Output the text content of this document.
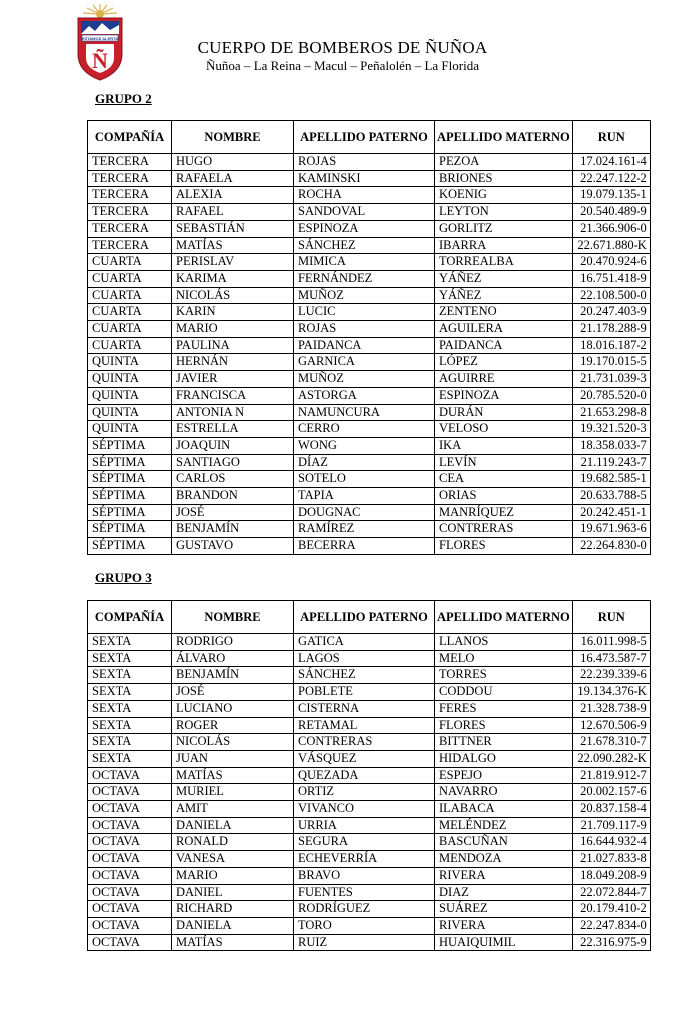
ESTAMOS ALERTA
Ñ
CUERPO DE BOMBEROS DE ÑUÑOA
Ñuñoa – La Reina – Macul – Peñalolén – La Florida
GRUPO 2
COMPAÑÍA	NOMBRE	APELLIDO PATERNO	APELLIDO MATERNO	RUN
TERCERA	HUGO	ROJAS	PEZOA	17.024.161-4
TERCERA	RAFAELA	KAMINSKI	BRIONES	22.247.122-2
TERCERA	ALEXIA	ROCHA	KOENIG	19.079.135-1
TERCERA	RAFAEL	SANDOVAL	LEYTON	20.540.489-9
TERCERA	SEBASTIÁN	ESPINOZA	GORLITZ	21.366.906-0
TERCERA	MATÍAS	SÁNCHEZ	IBARRA	22.671.880-K
CUARTA	PERISLAV	MIMICA	TORREALBA	20.470.924-6
CUARTA	KARIMA	FERNÁNDEZ	YÁÑEZ	16.751.418-9
CUARTA	NICOLÁS	MUÑOZ	YÁÑEZ	22.108.500-0
CUARTA	KARIN	LUCIC	ZENTENO	20.247.403-9
CUARTA	MARIO	ROJAS	AGUILERA	21.178.288-9
CUARTA	PAULINA	PAIDANCA	PAIDANCA	18.016.187-2
QUINTA	HERNÁN	GARNICA	LÓPEZ	19.170.015-5
QUINTA	JAVIER	MUÑOZ	AGUIRRE	21.731.039-3
QUINTA	FRANCISCA	ASTORGA	ESPINOZA	20.785.520-0
QUINTA	ANTONIA N	NAMUNCURA	DURÁN	21.653.298-8
QUINTA	ESTRELLA	CERRO	VELOSO	19.321.520-3
SÉPTIMA	JOAQUIN	WONG	IKA	18.358.033-7
SÉPTIMA	SANTIAGO	DÍAZ	LEVÍN	21.119.243-7
SÉPTIMA	CARLOS	SOTELO	CEA	19.682.585-1
SÉPTIMA	BRANDON	TAPIA	ORIAS	20.633.788-5
SÉPTIMA	JOSÉ	DOUGNAC	MANRÍQUEZ	20.242.451-1
SÉPTIMA	BENJAMÍN	RAMÍREZ	CONTRERAS	19.671.963-6
SÉPTIMA	GUSTAVO	BECERRA	FLORES	22.264.830-0
GRUPO 3
COMPAÑÍA	NOMBRE	APELLIDO PATERNO	APELLIDO MATERNO	RUN
SEXTA	RODRIGO	GATICA	LLANOS	16.011.998-5
SEXTA	ÁLVARO	LAGOS	MELO	16.473.587-7
SEXTA	BENJAMÍN	SÁNCHEZ	TORRES	22.239.339-6
SEXTA	JOSÉ	POBLETE	CODDOU	19.134.376-K
SEXTA	LUCIANO	CISTERNA	FERES	21.328.738-9
SEXTA	ROGER	RETAMAL	FLORES	12.670.506-9
SEXTA	NICOLÁS	CONTRERAS	BITTNER	21.678.310-7
SEXTA	JUAN	VÁSQUEZ	HIDALGO	22.090.282-K
OCTAVA	MATÍAS	QUEZADA	ESPEJO	21.819.912-7
OCTAVA	MURIEL	ORTIZ	NAVARRO	20.002.157-6
OCTAVA	AMIT	VIVANCO	ILABACA	20.837.158-4
OCTAVA	DANIELA	URRIA	MELÉNDEZ	21.709.117-9
OCTAVA	RONALD	SEGURA	BASCUÑAN	16.644.932-4
OCTAVA	VANESA	ECHEVERRÍA	MENDOZA	21.027.833-8
OCTAVA	MARIO	BRAVO	RIVERA	18.049.208-9
OCTAVA	DANIEL	FUENTES	DIAZ	22.072.844-7
OCTAVA	RICHARD	RODRÍGUEZ	SUÁREZ	20.179.410-2
OCTAVA	DANIELA	TORO	RIVERA	22.247.834-0
OCTAVA	MATÍAS	RUIZ	HUAIQUIMIL	22.316.975-9
